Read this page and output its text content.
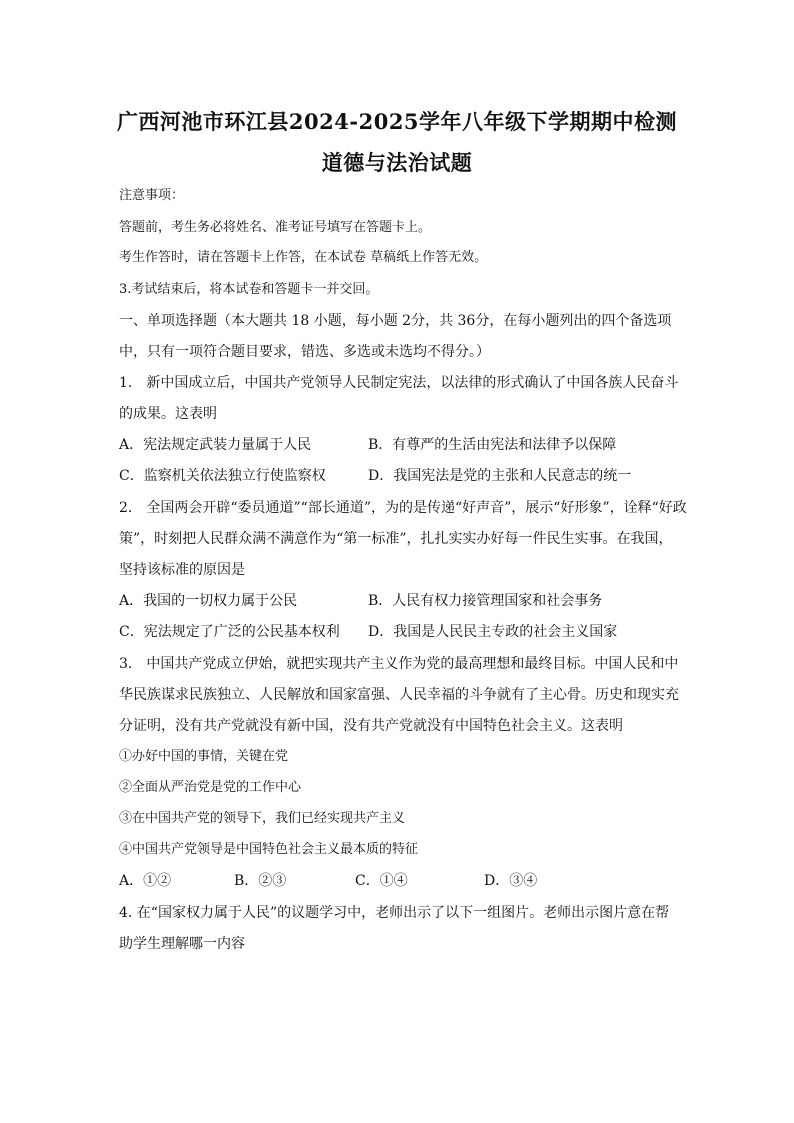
广西河池市环江县2024-2025学年八年级下学期期中检测
道德与法治试题
注意事项：
答题前，考生务必将姓名、准考证号填写在答题卡上。
考生作答时，请在答题卡上作答，在本试卷 草稿纸上作答无效。
3.考试结束后，将本试卷和答题卡一并交回。
一、单项选择题（本大题共 18 小题，每小题 2分，共 36分，在每小题列出的四个备选项
中，只有一项符合题目要求，错选、多选或未选均不得分。）
1.　新中国成立后，中国共产党领导人民制定宪法，以法律的形式确认了中国各族人民奋斗
的成果。这表明
A．宪法规定武装力量属于人民	B．有尊严的生活由宪法和法律予以保障
C．监察机关依法独立行使监察权	D．我国宪法是党的主张和人民意志的统一
2.　全国两会开辟“委员通道”“部长通道”，为的是传递“好声音”，展示“好形象”，诠释“好政
策”，时刻把人民群众满不满意作为“第一标准”，扎扎实实办好每一件民生实事。在我国，
坚持该标准的原因是
A．我国的一切权力属于公民	B．人民有权力接管理国家和社会事务
C．宪法规定了广泛的公民基本权利 D．我国是人民民主专政的社会主义国家
3.　中国共产党成立伊始，就把实现共产主义作为党的最高理想和最终目标。中国人民和中
华民族谋求民族独立、人民解放和国家富强、人民幸福的斗争就有了主心骨。历史和现实充
分证明，没有共产党就没有新中国，没有共产党就没有中国特色社会主义。这表明
①办好中国的事情，关键在党
②全面从严治党是党的工作中心
③在中国共产党的领导下，我们已经实现共产主义
④中国共产党领导是中国特色社会主义最本质的特征
A．①②	B．②③	C．①④	D．③④
4. 在“国家权力属于人民”的议题学习中，老师出示了以下一组图片。老师出示图片意在帮
助学生理解哪一内容
